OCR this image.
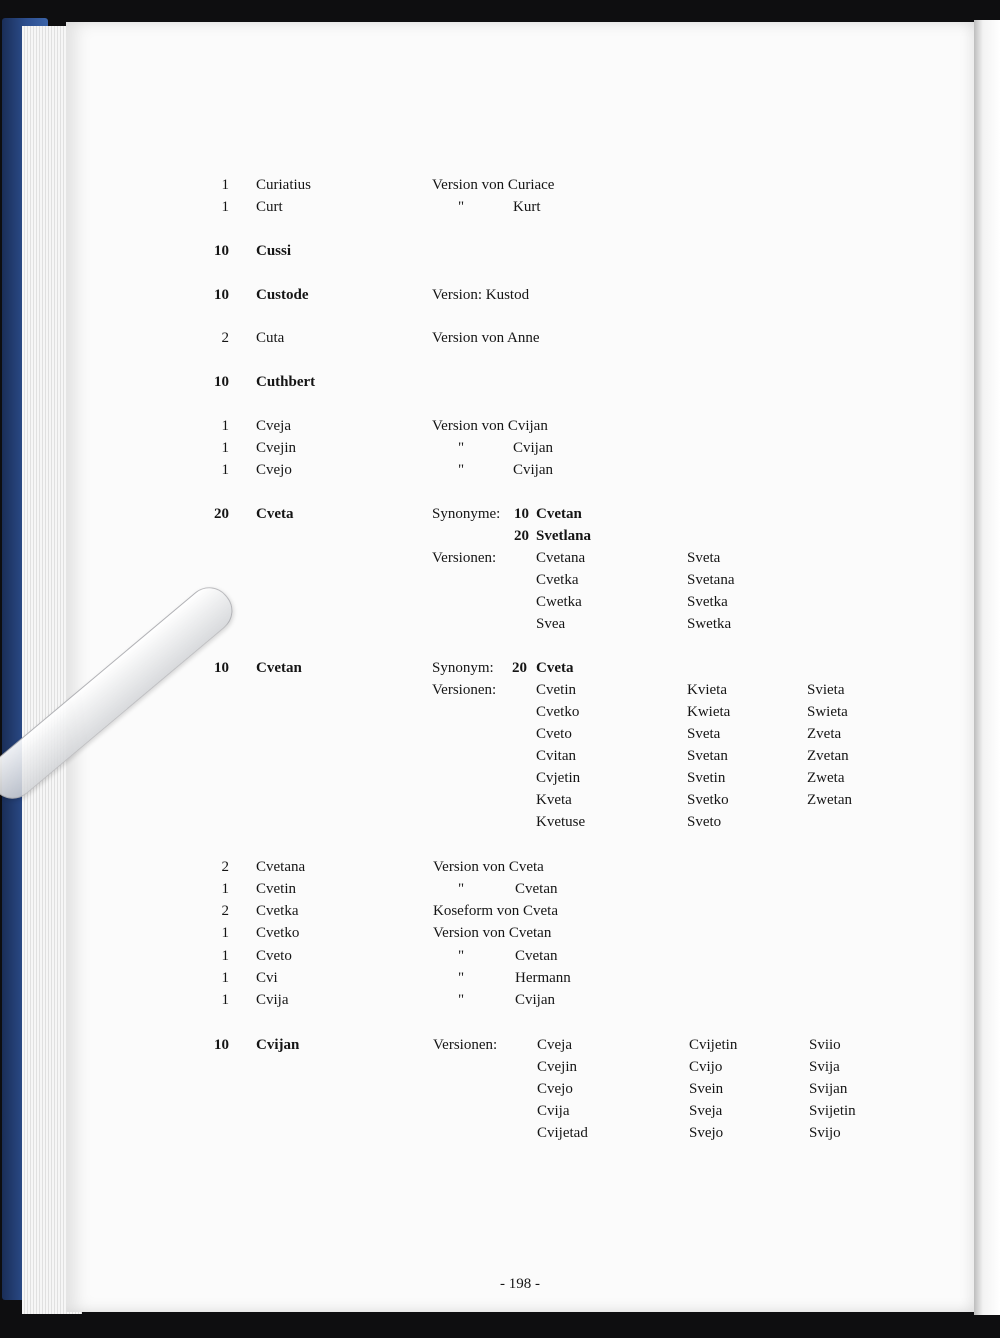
1 Curiatius	Version von Curiace
1 Curt	"	Kurt
10 Cussi
10 Custode	Version: Kustod
2 Cuta	Version von Anne
10 Cuthbert
1 Cveja	Version von Cvijan
1 Cvejin	"	Cvijan
1 Cvejo	"	Cvijan
20 Cveta	Synonyme: 10 Cvetan
20 Svetlana
Versionen:	Cvetana	Sveta
Cvetka	Svetana
Cwetka	Svetka
Svea	Swetka
10 Cvetan	Synonym: 20 Cveta
Versionen:	Cvetin	Kvieta	Svieta
Cvetko	Kwieta	Swieta
Cveto	Sveta	Zveta
Cvitan	Svetan	Zvetan
Cvjetin	Svetin	Zweta
Kveta	Svetko	Zwetan
Kvetuse	Sveto
2 Cvetana	Version von Cveta
1 Cvetin	"	Cvetan
2 Cvetka	Koseform von Cveta
1 Cvetko	Version von Cvetan
1 Cveto	"	Cvetan
1 Cvi	"	Hermann
1 Cvija	"	Cvijan
10 Cvijan	Versionen:	Cveja	Cvijetin	Sviio
Cvejin	Cvijo	Svija
Cvejo	Svein	Svijan
Cvija	Sveja	Svijetin
Cvijetad	Svejo	Svijo
- 198 -
